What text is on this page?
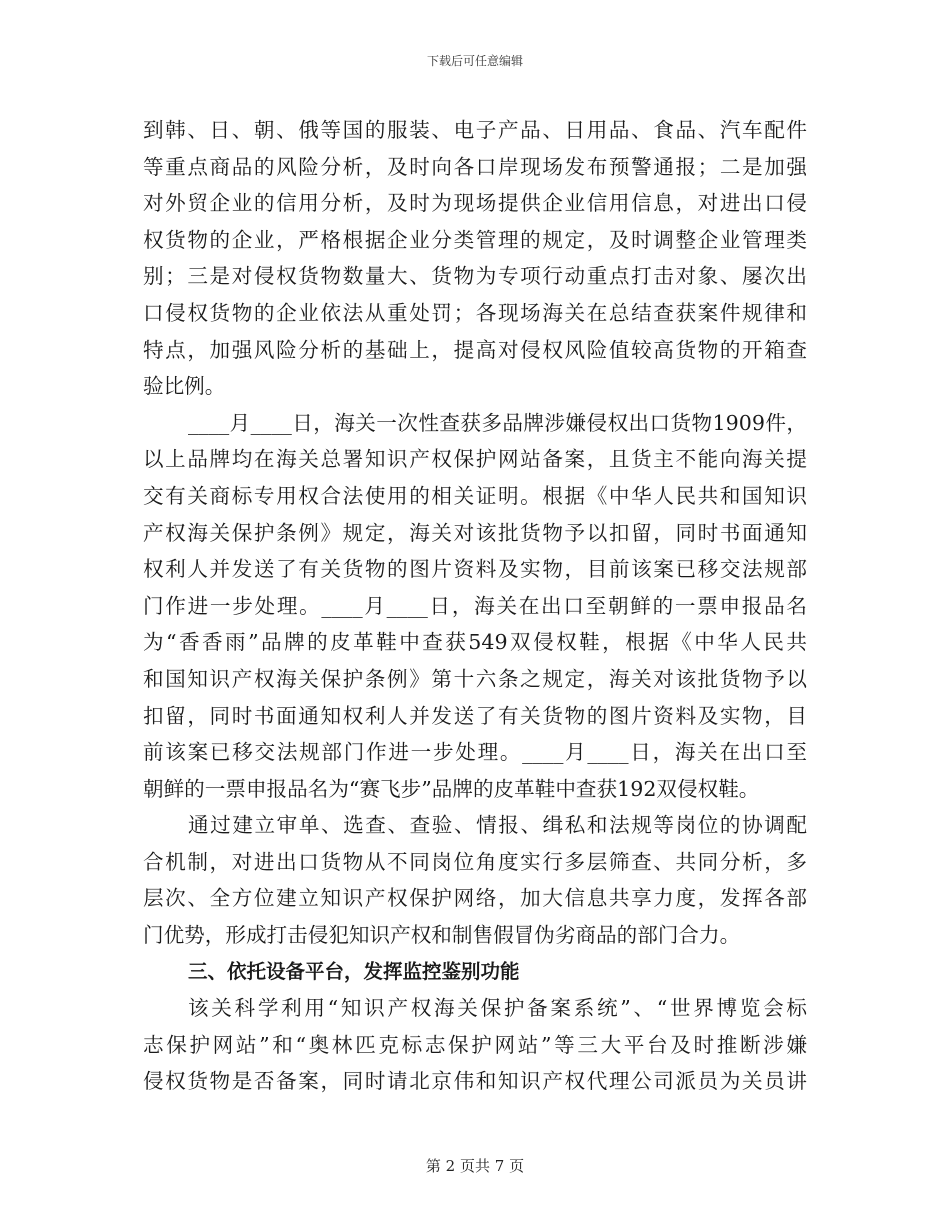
下载后可任意编辑
到韩、日、朝、俄等国的服装、电子产品、日用品、食品、汽车配件
等重点商品的风险分析，及时向各口岸现场发布预警通报；二是加强
对外贸企业的信用分析，及时为现场提供企业信用信息，对进出口侵
权货物的企业，严格根据企业分类管理的规定，及时调整企业管理类
别；三是对侵权货物数量大、货物为专项行动重点打击对象、屡次出
口侵权货物的企业依法从重处罚；各现场海关在总结查获案件规律和
特点，加强风险分析的基础上，提高对侵权风险值较高货物的开箱查
验比例。
____月____日，海关一次性查获多品牌涉嫌侵权出口货物1909件，
以上品牌均在海关总署知识产权保护网站备案，且货主不能向海关提
交有关商标专用权合法使用的相关证明。根据《中华人民共和国知识
产权海关保护条例》规定，海关对该批货物予以扣留，同时书面通知
权利人并发送了有关货物的图片资料及实物，目前该案已移交法规部
门作进一步处理。____月____日，海关在出口至朝鲜的一票申报品名
为“香香雨”品牌的皮革鞋中查获549双侵权鞋，根据《中华人民共
和国知识产权海关保护条例》第十六条之规定，海关对该批货物予以
扣留，同时书面通知权利人并发送了有关货物的图片资料及实物，目
前该案已移交法规部门作进一步处理。____月____日，海关在出口至
朝鲜的一票申报品名为“赛飞步”品牌的皮革鞋中查获192双侵权鞋。
通过建立审单、选查、查验、情报、缉私和法规等岗位的协调配
合机制，对进出口货物从不同岗位角度实行多层筛查、共同分析，多
层次、全方位建立知识产权保护网络，加大信息共享力度，发挥各部
门优势，形成打击侵犯知识产权和制售假冒伪劣商品的部门合力。
三、依托设备平台，发挥监控鉴别功能
该关科学利用“知识产权海关保护备案系统”、“世界博览会标
志保护网站”和“奥林匹克标志保护网站”等三大平台及时推断涉嫌
侵权货物是否备案，同时请北京伟和知识产权代理公司派员为关员讲
第 2 页共 7 页
